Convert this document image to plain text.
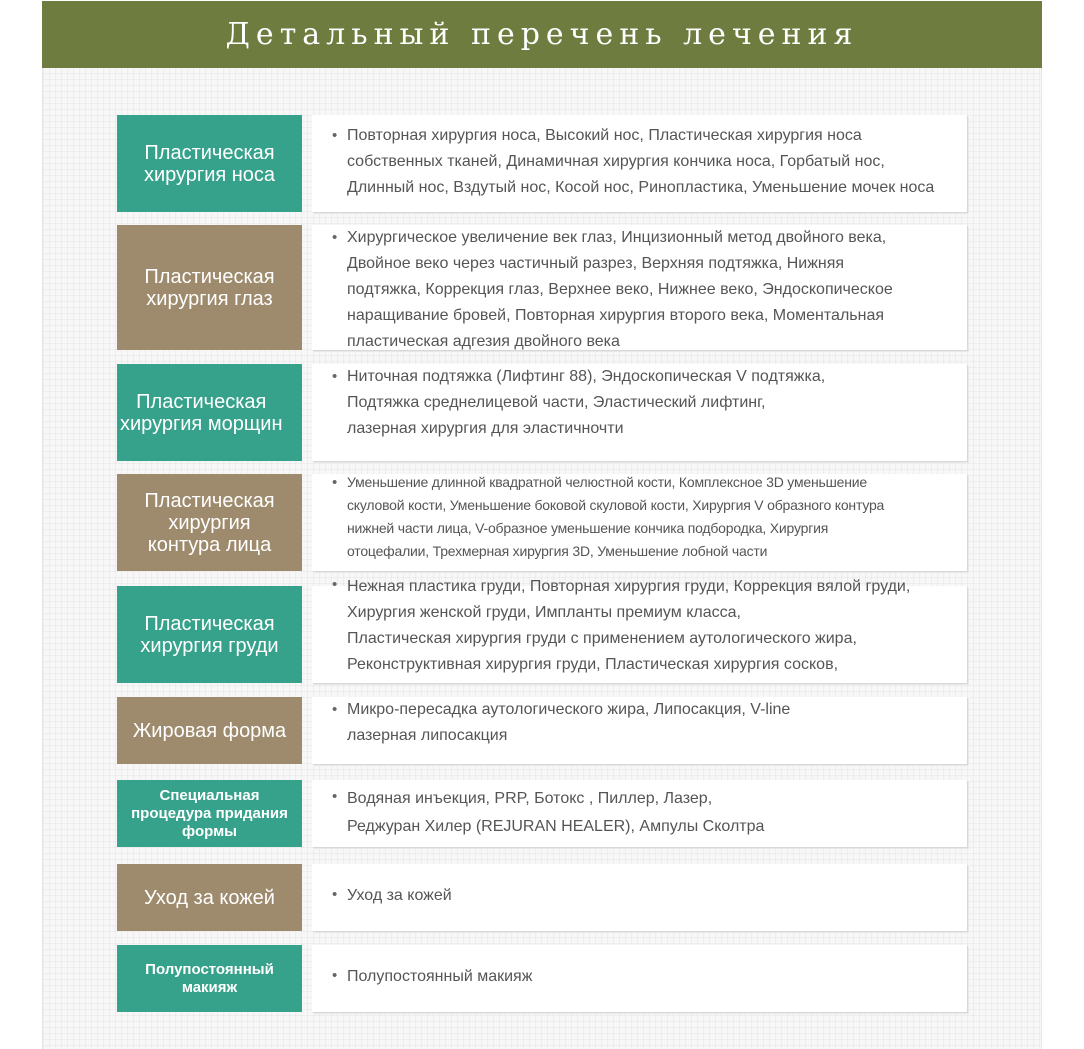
Детальный перечень лечения
Пластическая
хирургия носа
• Повторная хирургия носа, Высокий нос, Пластическая хирургия носа
собственных тканей, Динамичная хирургия кончика носа, Горбатый нос,
Длинный нос, Вздутый нос, Косой нос, Ринопластика, Уменьшение мочек носа
Пластическая
хирургия глаз
• Хирургическое увеличение век глаз, Инцизионный метод двойного века,
Двойное веко через частичный разрез, Верхняя подтяжка, Нижняя
подтяжка, Коррекция глаз, Верхнее веко, Нижнее веко, Эндоскопическое
наращивание бровей, Повторная хирургия второго века, Моментальная
пластическая адгезия двойного века
Пластическая
хирургия морщин
• Ниточная подтяжка (Лифтинг 88), Эндоскопическая V подтяжка,
Подтяжка среднелицевой части, Эластический лифтинг,
лазерная хирургия для эластичночти
Пластическая
хирургия
контура лица
• Уменьшение длинной квадратной челюстной кости, Комплексное 3D уменьшение
скуловой кости, Уменьшение боковой скуловой кости, Хирургия V образного контура
нижней части лица, V-образное уменьшение кончика подбородка, Хирургия
отоцефалии, Трехмерная хирургия 3D, Уменьшение лобной части
Пластическая
хирургия груди
• Нежная пластика груди, Повторная хирургия груди, Коррекция вялой груди,
Хирургия женской груди, Импланты премиум класса,
Пластическая хирургия груди с применением аутологического жира,
Реконструктивная хирургия груди, Пластическая хирургия сосков,
Жировая форма
• Микро-пересадка аутологического жира, Липосакция, V-line
лазерная липосакция
Специальная
процедура придания
формы
• Водяная инъекция, PRP, Ботокс , Пиллер, Лазер,
Реджуран Хилер (REJURAN HEALER), Ампулы Сколтра
Уход за кожей	• Уход за кожей
Полупостоянный
макияж
• Полупостоянный макияж
